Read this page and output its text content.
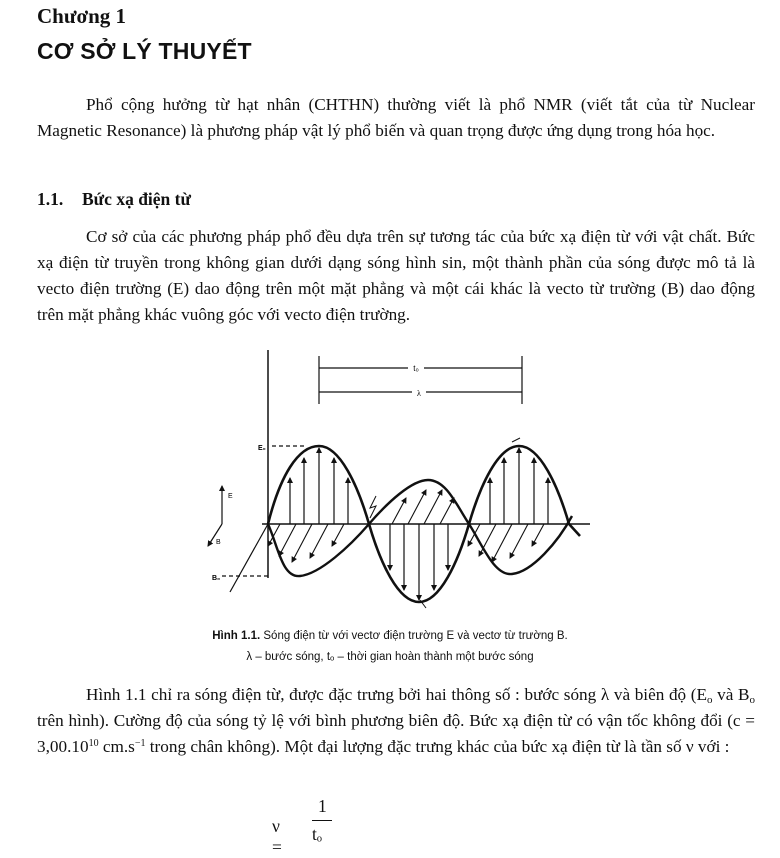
Chương 1
CƠ SỞ LÝ THUYẾT

Phổ cộng hưởng từ hạt nhân (CHTHN) thường viết là phổ NMR (viết tắt của từ Nuclear Magnetic Resonance) là phương pháp vật lý phổ biến và quan trọng được ứng dụng trong hóa học.

1.1. Bức xạ điện từ

Cơ sở của các phương pháp phổ đều dựa trên sự tương tác của bức xạ điện từ với vật chất. Bức xạ điện từ truyền trong không gian dưới dạng sóng hình sin, một thành phần của sóng được mô tả là vecto điện trường (E) dao động trên một mặt phẳng và một cái khác là vecto từ trường (B) dao động trên mặt phẳng khác vuông góc với vecto điện trường.

t₀
λ
E₀
B₀
E
B
Hình 1.1. Sóng điện từ với vectơ điện trường E và vectơ từ trường B.
λ – bước sóng, tₒ – thời gian hoàn thành một bước sóng

Hình 1.1 chỉ ra sóng điện từ, được đặc trưng bởi hai thông số : bước sóng λ và biên độ ($E_o$ và $B_o$ trên hình). Cường độ của sóng tỷ lệ với bình phương biên độ. Bức xạ điện từ có vận tốc không đổi ($c = 3,00.10^{10}$ $cm.s^{-1}$ trong chân không). Một đại lượng đặc trưng khác của bức xạ điện từ là tần số ν với :

ν =
1
tₒ
